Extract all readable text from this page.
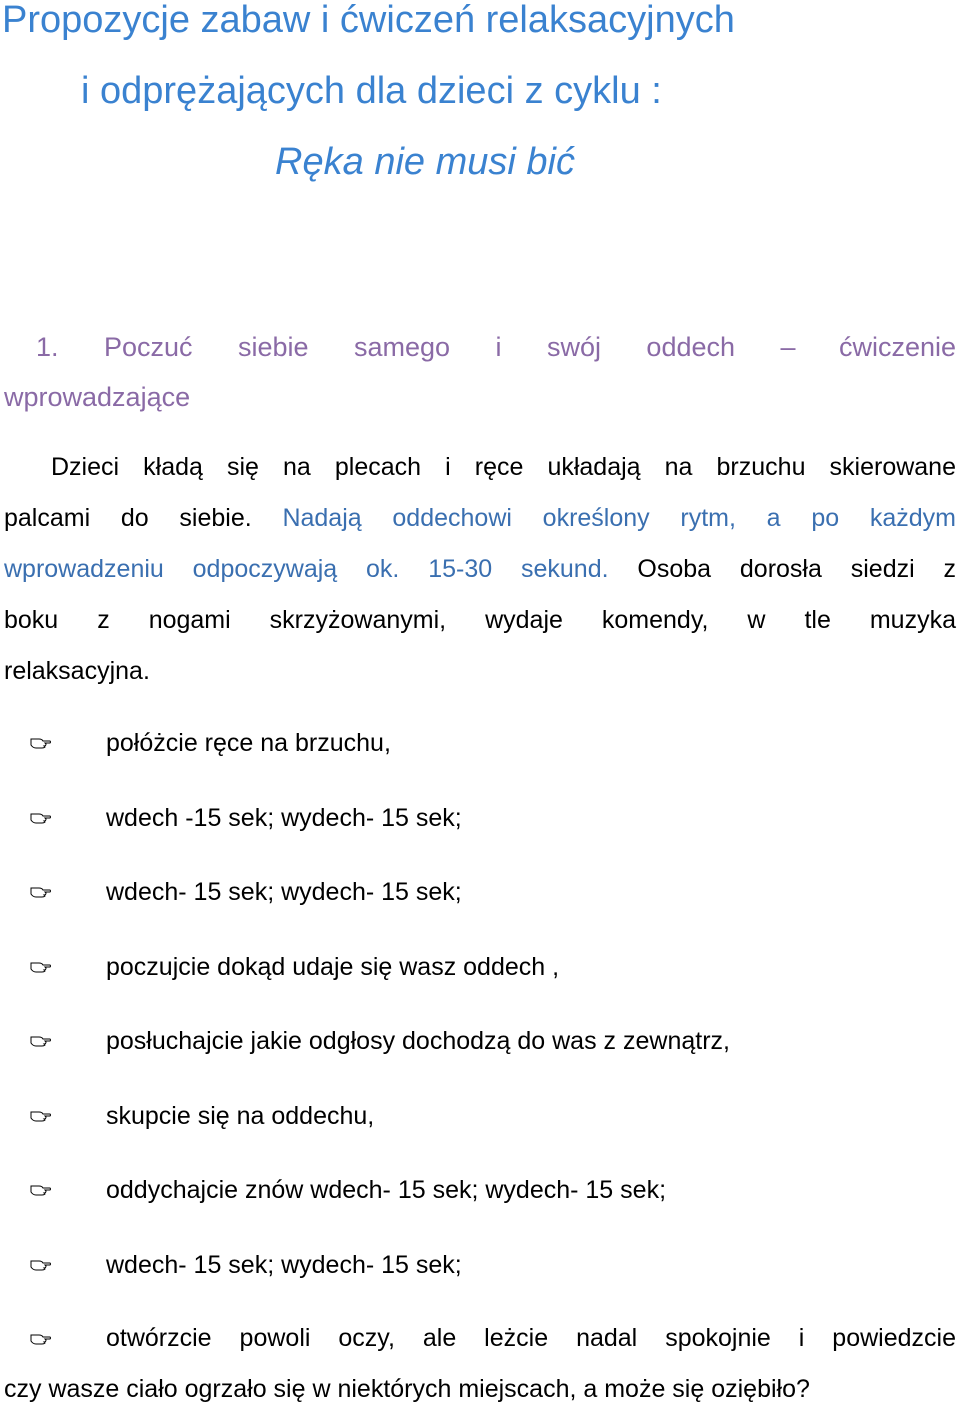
Propozycje zabaw i ćwiczeń relaksacyjnych
i odprężających dla dzieci z cyklu :
Ręka nie musi bić
1. Poczuć siebie samego i swój oddech – ćwiczenie
wprowadzające
Dzieci kładą się na plecach i ręce układają na brzuchu skierowane
palcami do siebie. Nadają oddechowi określony rytm, a po każdym
wprowadzeniu odpoczywają ok. 15-30 sekund. Osoba dorosła siedzi z
boku z nogami skrzyżowanymi, wydaje komendy, w tle muzyka
relaksacyjna.
połóżcie ręce na brzuchu,
wdech -15 sek; wydech- 15 sek;
wdech- 15 sek; wydech- 15 sek;
poczujcie dokąd udaje się wasz oddech ,
posłuchajcie jakie odgłosy dochodzą do was z zewnątrz,
skupcie się na oddechu,
oddychajcie znów wdech- 15 sek; wydech- 15 sek;
wdech- 15 sek; wydech- 15 sek;
otwórzcie powoli oczy, ale leżcie nadal spokojnie i powiedzcie
czy wasze ciało ogrzało się w niektórych miejscach, a może się oziębiło?
